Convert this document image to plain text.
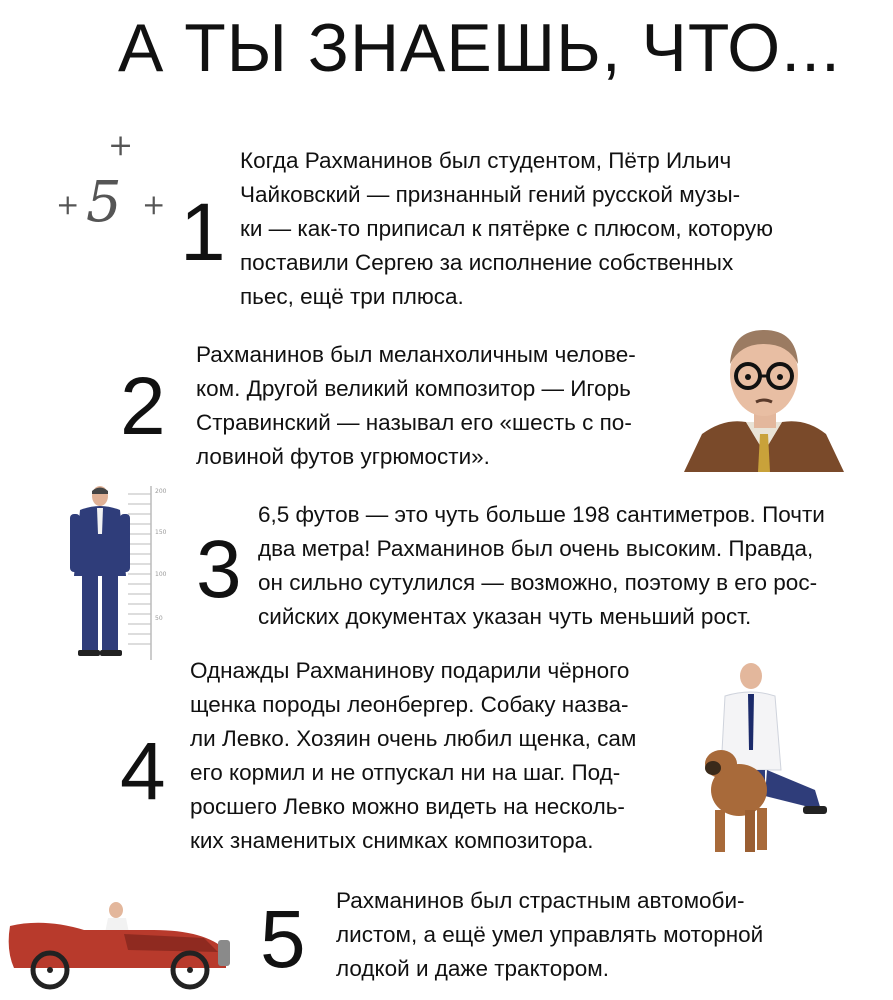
А ТЫ ЗНАЕШЬ, ЧТО...
+
+ 5 + 1

Когда Рахманинов был студентом, Пётр Ильич

Чайковский — признанный гений русской музы-

ки — как-то приписал к пятёрке с плюсом, которую

поставили Сергею за исполнение собственных

пьес, ещё три плюса.

2

Рахманинов был меланхоличным челове-

ком. Другой великий композитор — Игорь

Стравинский — называл его «шесть с по-

ловиной футов угрюмости».

200
150
100
50
3

6,5 футов — это чуть больше 198 сантиметров. Почти

два метра! Рахманинов был очень высоким. Правда,

он сильно сутулился — возможно, поэтому в его рос-

сийских документах указан чуть меньший рост.

4

Однажды Рахманинову подарили чёрного

щенка породы леонбергер. Собаку назва-

ли Левко. Хозяин очень любил щенка, сам

его кормил и не отпускал ни на шаг. Под-

росшего Левко можно видеть на несколь-

ких знаменитых снимках композитора.

5 Рахманинов был страстным автомоби-

листом, а ещё умел управлять моторной

лодкой и даже трактором.
